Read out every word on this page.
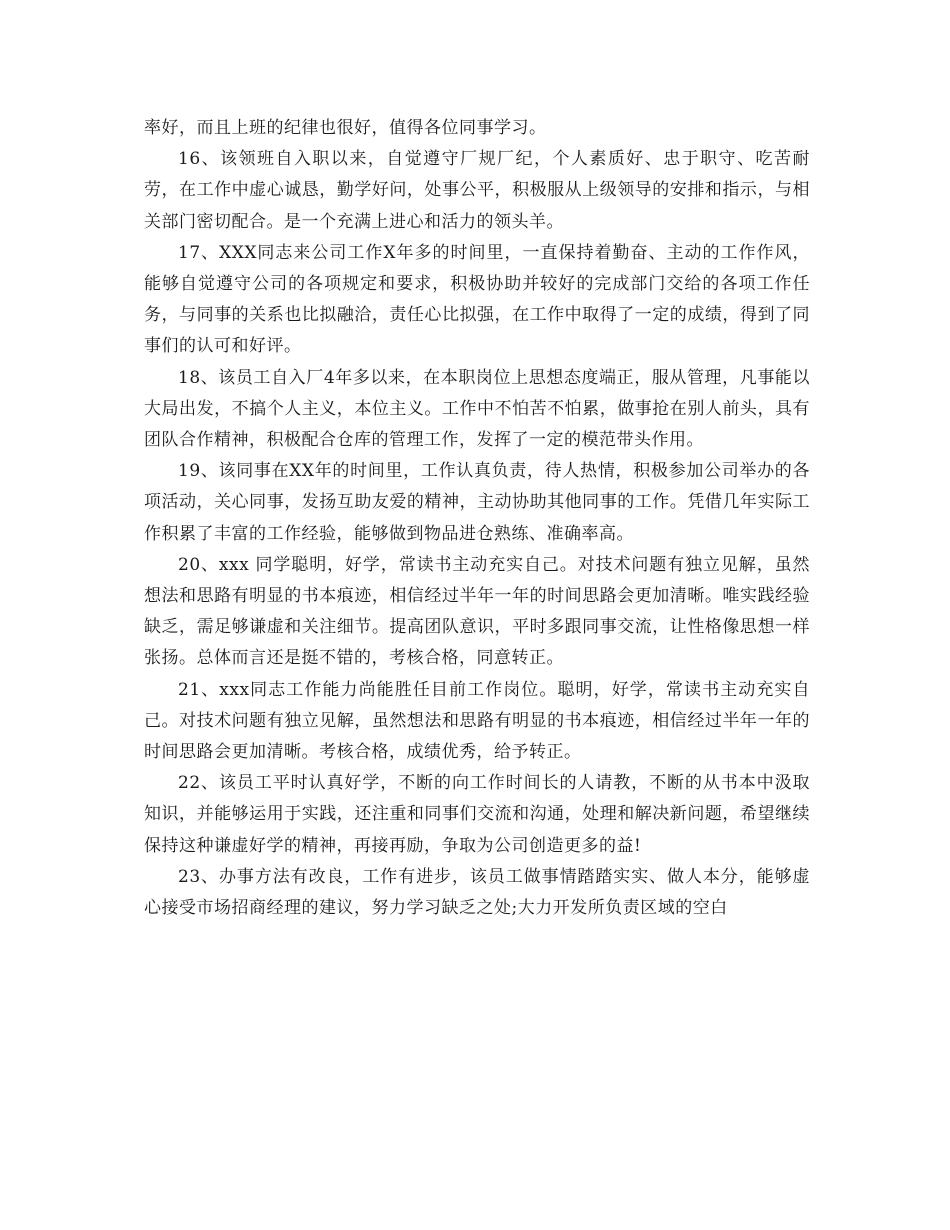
率好，而且上班的纪律也很好，值得各位同事学习。

16、该领班自入职以来，自觉遵守厂规厂纪，个人素质好、忠于职守、吃苦耐劳，在工作中虚心诚恳，勤学好问，处事公平，积极服从上级领导的安排和指示，与相关部门密切配合。是一个充满上进心和活力的领头羊。

17、XXX同志来公司工作X年多的时间里，一直保持着勤奋、主动的工作作风，能够自觉遵守公司的各项规定和要求，积极协助并较好的完成部门交给的各项工作任务，与同事的关系也比拟融洽，责任心比拟强，在工作中取得了一定的成绩，得到了同事们的认可和好评。

18、该员工自入厂4年多以来，在本职岗位上思想态度端正，服从管理，凡事能以大局出发，不搞个人主义，本位主义。工作中不怕苦不怕累，做事抢在别人前头，具有团队合作精神，积极配合仓库的管理工作，发挥了一定的模范带头作用。

19、该同事在XX年的时间里，工作认真负责，待人热情，积极参加公司举办的各项活动，关心同事，发扬互助友爱的精神，主动协助其他同事的工作。凭借几年实际工作积累了丰富的工作经验，能够做到物品进仓熟练、准确率高。

20、xxx 同学聪明，好学，常读书主动充实自己。对技术问题有独立见解，虽然想法和思路有明显的书本痕迹，相信经过半年一年的时间思路会更加清晰。唯实践经验缺乏，需足够谦虚和关注细节。提高团队意识，平时多跟同事交流，让性格像思想一样张扬。总体而言还是挺不错的，考核合格，同意转正。

21、xxx同志工作能力尚能胜任目前工作岗位。聪明，好学，常读书主动充实自己。对技术问题有独立见解，虽然想法和思路有明显的书本痕迹，相信经过半年一年的时间思路会更加清晰。考核合格，成绩优秀，给予转正。

22、该员工平时认真好学，不断的向工作时间长的人请教，不断的从书本中汲取知识，并能够运用于实践，还注重和同事们交流和沟通，处理和解决新问题，希望继续保持这种谦虚好学的精神，再接再励，争取为公司创造更多的益!

23、办事方法有改良，工作有进步，该员工做事情踏踏实实、做人本分，能够虚心接受市场招商经理的建议，努力学习缺乏之处;大力开发所负责区域的空白
